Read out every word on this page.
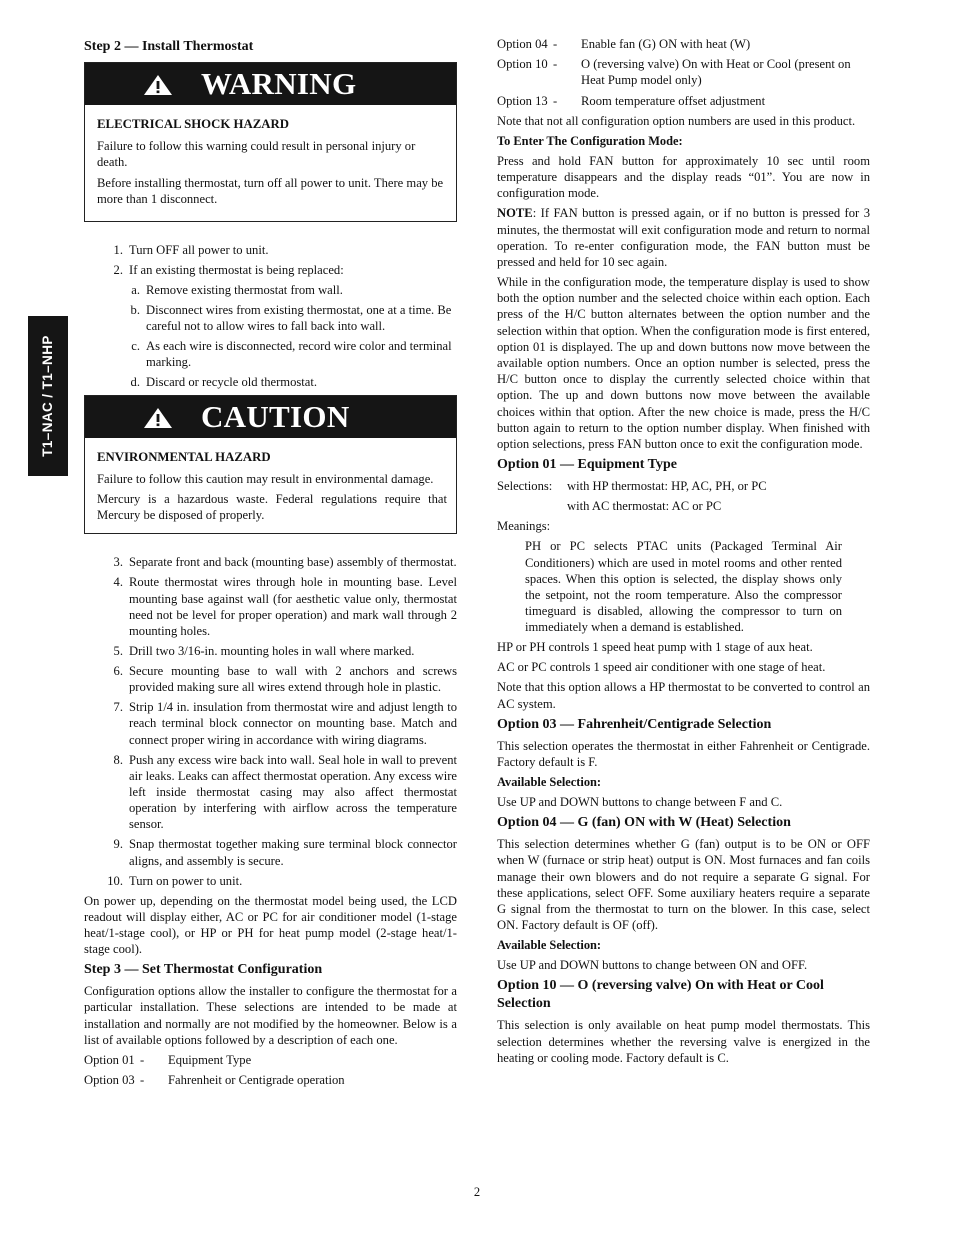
T1–NAC / T1–NHP
Step 2 — Install Thermostat
WARNING
ELECTRICAL SHOCK HAZARD

Failure to follow this warning could result in personal injury or death.

Before installing thermostat, turn off all power to unit. There may be more than 1 disconnect.

1. Turn OFF all power to unit.
2. If an existing thermostat is being replaced:
a. Remove existing thermostat from wall.
b. Disconnect wires from existing thermostat, one at a time. Be careful not to allow wires to fall back into wall.
c. As each wire is disconnected, record wire color and terminal marking.
d. Discard or recycle old thermostat.
CAUTION
ENVIRONMENTAL HAZARD

Failure to follow this caution may result in environmental damage.

Mercury is a hazardous waste. Federal regulations require that Mercury be disposed of properly.

3. Separate front and back (mounting base) assembly of thermostat.
4. Route thermostat wires through hole in mounting base. Level mounting base against wall (for aesthetic value only, thermostat need not be level for proper operation) and mark wall through 2 mounting holes.
5. Drill two 3/16-in. mounting holes in wall where marked.
6. Secure mounting base to wall with 2 anchors and screws provided making sure all wires extend through hole in plastic.
7. Strip 1/4 in. insulation from thermostat wire and adjust length to reach terminal block connector on mounting base. Match and connect proper wiring in accordance with wiring diagrams.
8. Push any excess wire back into wall. Seal hole in wall to prevent air leaks. Leaks can affect thermostat operation. Any excess wire left inside thermostat casing may also affect thermostat operation by interfering with airflow across the temperature sensor.
9. Snap thermostat together making sure terminal block connector aligns, and assembly is secure.
10. Turn on power to unit.

On power up, depending on the thermostat model being used, the LCD readout will display either, AC or PC for air conditioner model (1-stage heat/1-stage cool), or HP or PH for heat pump model (2-stage heat/1-stage cool).

Step 3 — Set Thermostat Configuration

Configuration options allow the installer to configure the thermostat for a particular installation. These selections are intended to be made at installation and normally are not modified by the homeowner. Below is a list of available options followed by a description of each one.

Option 01 -	Equipment Type
Option 03 -	Fahrenheit or Centigrade operation
Option 04 -	Enable fan (G) ON with heat (W)
Option 10 -	O (reversing valve) On with Heat or Cool (present on Heat Pump model only)
Option 13 -	Room temperature offset adjustment

Note that not all configuration option numbers are used in this product.

To Enter The Configuration Mode:

Press and hold FAN button for approximately 10 sec until room temperature disappears and the display reads “01”. You are now in configuration mode.

NOTE: If FAN button is pressed again, or if no button is pressed for 3 minutes, the thermostat will exit configuration mode and return to normal operation. To re-enter configuration mode, the FAN button must be pressed and held for 10 sec again.

While in the configuration mode, the temperature display is used to show both the option number and the selected choice within each option. Each press of the H/C button alternates between the option number and the selection within that option. When the configuration mode is first entered, option 01 is displayed. The up and down buttons now move between the available option numbers. Once an option number is selected, press the H/C button once to display the currently selected choice within that option. The up and down buttons now move between the available choices within that option. After the new choice is made, press the H/C button again to return to the option number display. When finished with option selections, press FAN button once to exit the configuration mode.

Option 01 — Equipment Type
Selections:	with HP thermostat: HP, AC, PH, or PC
with AC thermostat: AC or PC

Meanings:

PH or PC selects PTAC units (Packaged Terminal Air Conditioners) which are used in motel rooms and other rented spaces. When this option is selected, the display shows only the setpoint, not the room temperature. Also the compressor timeguard is disabled, allowing the compressor to turn on immediately when a demand is established.

HP or PH controls 1 speed heat pump with 1 stage of aux heat.

AC or PC controls 1 speed air conditioner with one stage of heat.

Note that this option allows a HP thermostat to be converted to control an AC system.

Option 03 — Fahrenheit/Centigrade Selection

This selection operates the thermostat in either Fahrenheit or Centigrade. Factory default is F.

Available Selection:

Use UP and DOWN buttons to change between F and C.

Option 04 — G (fan) ON with W (Heat) Selection

This selection determines whether G (fan) output is to be ON or OFF when W (furnace or strip heat) output is ON. Most furnaces and fan coils manage their own blowers and do not require a separate G signal. For these applications, select OFF. Some auxiliary heaters require a separate G signal from the thermostat to turn on the blower. In this case, select ON. Factory default is OF (off).

Available Selection:

Use UP and DOWN buttons to change between ON and OFF.

Option 10 — O (reversing valve) On with Heat or Cool Selection

This selection is only available on heat pump model thermostats. This selection determines whether the reversing valve is energized in the heating or cooling mode. Factory default is C.

2
